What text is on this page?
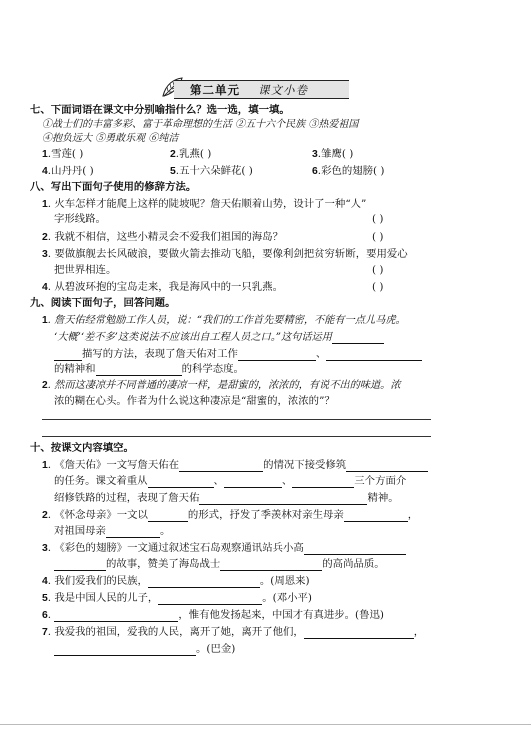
第二单元 课文小卷
七、下面词语在课文中分别喻指什么？选一选，填一填。
①战士们的丰富多彩、富于革命理想的生活 ②五十六个民族 ③热爱祖国
④抱负远大 ⑤勇敢乐观 ⑥纯洁
1.雪莲( )	2.乳燕( )	3.雏鹰( )
4.山丹丹( )	5.五十六朵鲜花( )	6.彩色的翅膀( )
八、写出下面句子使用的修辞方法。
1. 火车怎样才能爬上这样的陡坡呢？詹天佑顺着山势，设计了一种“人”
字形线路。	( )
2. 我就不相信，这些小精灵会不爱我们祖国的海岛？	( )
3. 要做旗舰去长风破浪，要做火箭去推动飞船，要像利剑把贫穷斩断，要用爱心
把世界相连。	( )
4. 从碧波环抱的宝岛走来，我是海风中的一只乳燕。	( )
九、阅读下面句子，回答问题。
1. 詹天佑经常勉励工作人员，说：“我们的工作首先要精密，不能有一点儿马虎。
‘大概’‘差不多’这类说法不应该出自工程人员之口。”这句话运用
描写的方法，表现了詹天佑对工作	、
的精神和	的科学态度。
2. 然而这凄凉并不同普通的凄凉一样，是甜蜜的，浓浓的，有说不出的味道。浓
浓的糊在心头。作者为什么说这种凄凉是“甜蜜的，浓浓的”？
十、按课文内容填空。
1. 《詹天佑》一文写詹天佑在	的情况下接受修筑
的任务。课文着重从	、	、	三个方面介
绍修铁路的过程，表现了詹天佑	精神。
2. 《怀念母亲》一文以	的形式，抒发了季羡林对亲生母亲	，
对祖国母亲	。
3. 《彩色的翅膀》一文通过叙述宝石岛观察通讯站兵小高
的故事，赞美了海岛战士	的高尚品质。
4. 我们爱我们的民族，	。(周恩来)
5. 我是中国人民的儿子，	。(邓小平)
6.	，惟有他发扬起来，中国才有真进步。(鲁迅)
7. 我爱我的祖国，爱我的人民，离开了她，离开了他们，	，
。(巴金)
